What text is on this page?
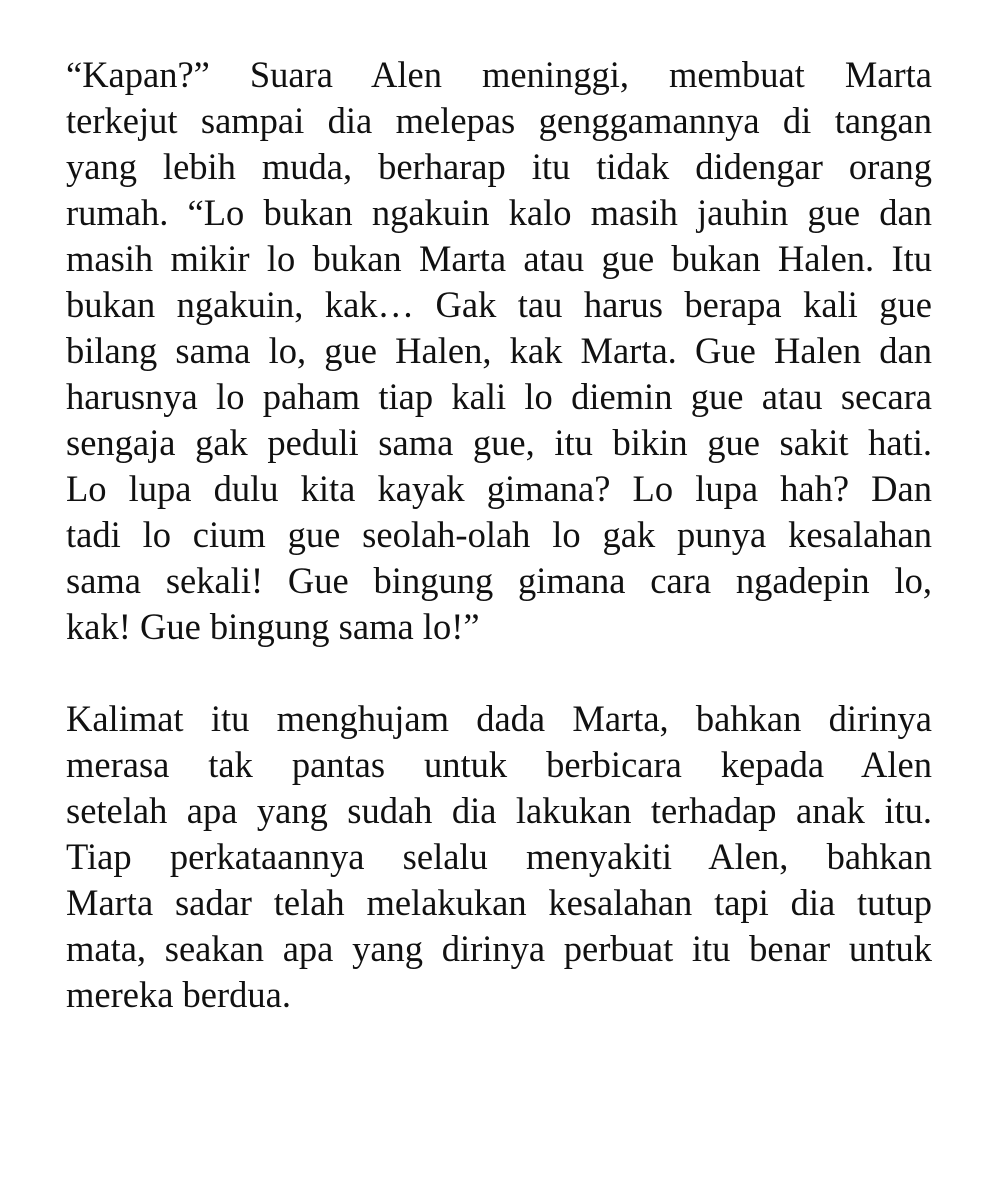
“Kapan?” Suara Alen meninggi, membuat Marta
terkejut sampai dia melepas genggamannya di tangan
yang lebih muda, berharap itu tidak didengar orang
rumah. “Lo bukan ngakuin kalo masih jauhin gue dan
masih mikir lo bukan Marta atau gue bukan Halen. Itu
bukan ngakuin, kak… Gak tau harus berapa kali gue
bilang sama lo, gue Halen, kak Marta. Gue Halen dan
harusnya lo paham tiap kali lo diemin gue atau secara
sengaja gak peduli sama gue, itu bikin gue sakit hati.
Lo lupa dulu kita kayak gimana? Lo lupa hah? Dan
tadi lo cium gue seolah-olah lo gak punya kesalahan
sama sekali! Gue bingung gimana cara ngadepin lo,
kak! Gue bingung sama lo!”
Kalimat itu menghujam dada Marta, bahkan dirinya
merasa tak pantas untuk berbicara kepada Alen
setelah apa yang sudah dia lakukan terhadap anak itu.
Tiap perkataannya selalu menyakiti Alen, bahkan
Marta sadar telah melakukan kesalahan tapi dia tutup
mata, seakan apa yang dirinya perbuat itu benar untuk
mereka berdua.
